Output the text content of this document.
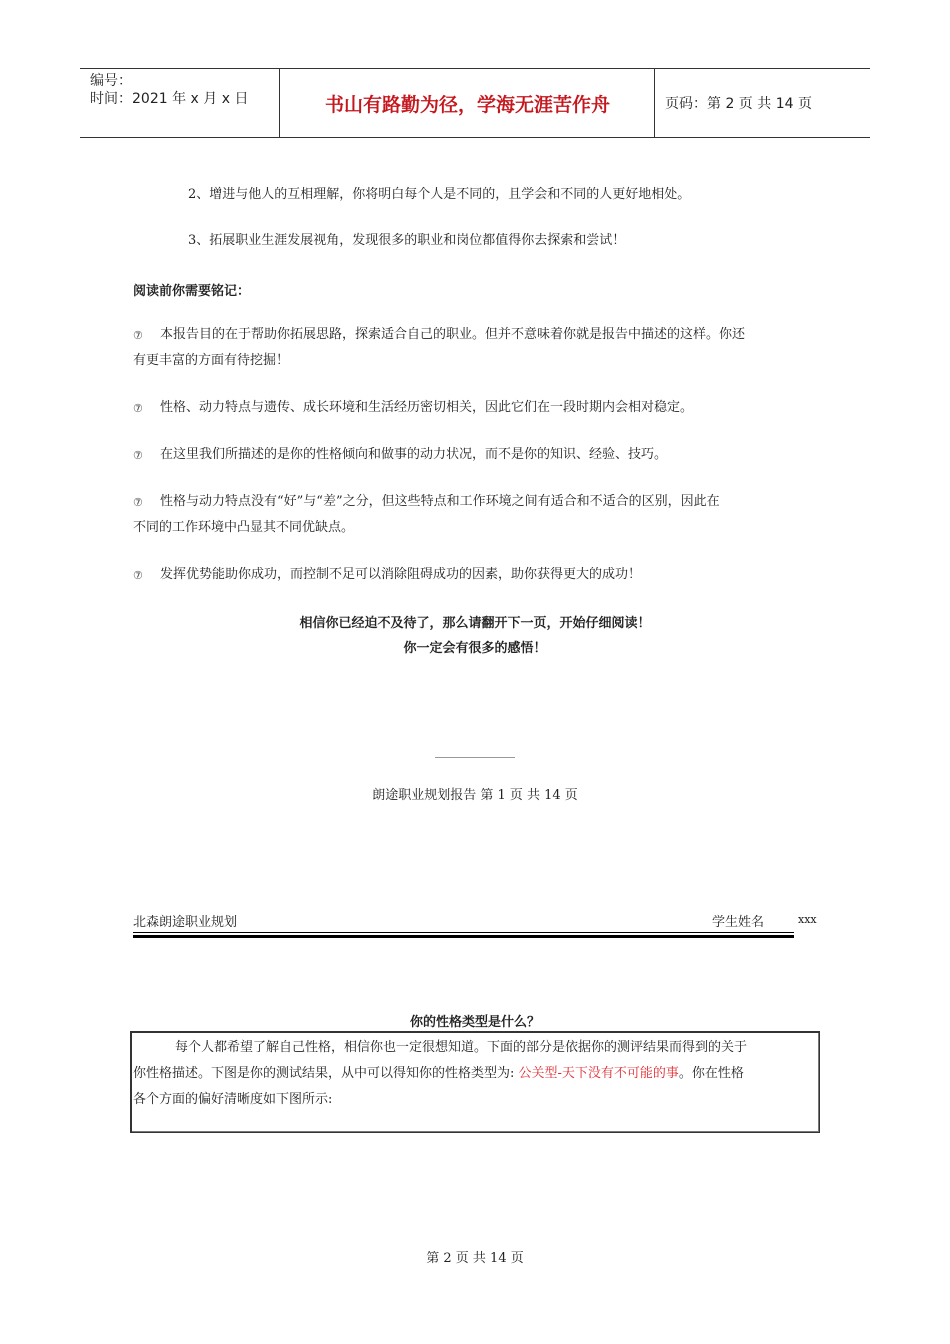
编号：
时间：2021 年 x 月 x 日	书山有路勤为径，学海无涯苦作舟	页码：第 2 页 共 14 页
2、增进与他人的互相理解，你将明白每个人是不同的，且学会和不同的人更好地相处。
3、拓展职业生涯发展视角，发现很多的职业和岗位都值得你去探索和尝试！
阅读前你需要铭记：
⑦ 本报告目的在于帮助你拓展思路，探索适合自己的职业。但并不意味着你就是报告中描述的这样。你还
有更丰富的方面有待挖掘！
⑦ 性格、动力特点与遗传、成长环境和生活经历密切相关，因此它们在一段时期内会相对稳定。
⑦ 在这里我们所描述的是你的性格倾向和做事的动力状况，而不是你的知识、经验、技巧。
⑦ 性格与动力特点没有“好”与“差”之分，但这些特点和工作环境之间有适合和不适合的区别，因此在
不同的工作环境中凸显其不同优缺点。
⑦ 发挥优势能助你成功，而控制不足可以消除阻碍成功的因素，助你获得更大的成功！
相信你已经迫不及待了，那么请翻开下一页，开始仔细阅读！
你一定会有很多的感悟！
朗途职业规划报告 第 1 页 共 14 页
北森朗途职业规划	学生姓名	xxx
你的性格类型是什么？
每个人都希望了解自己性格，相信你也一定很想知道。下面的部分是依据你的测评结果而得到的关于
你性格描述。下图是你的测试结果，从中可以得知你的性格类型为: 公关型-天下没有不可能的事。你在性格
各个方面的偏好清晰度如下图所示:
第 2 页 共 14 页
